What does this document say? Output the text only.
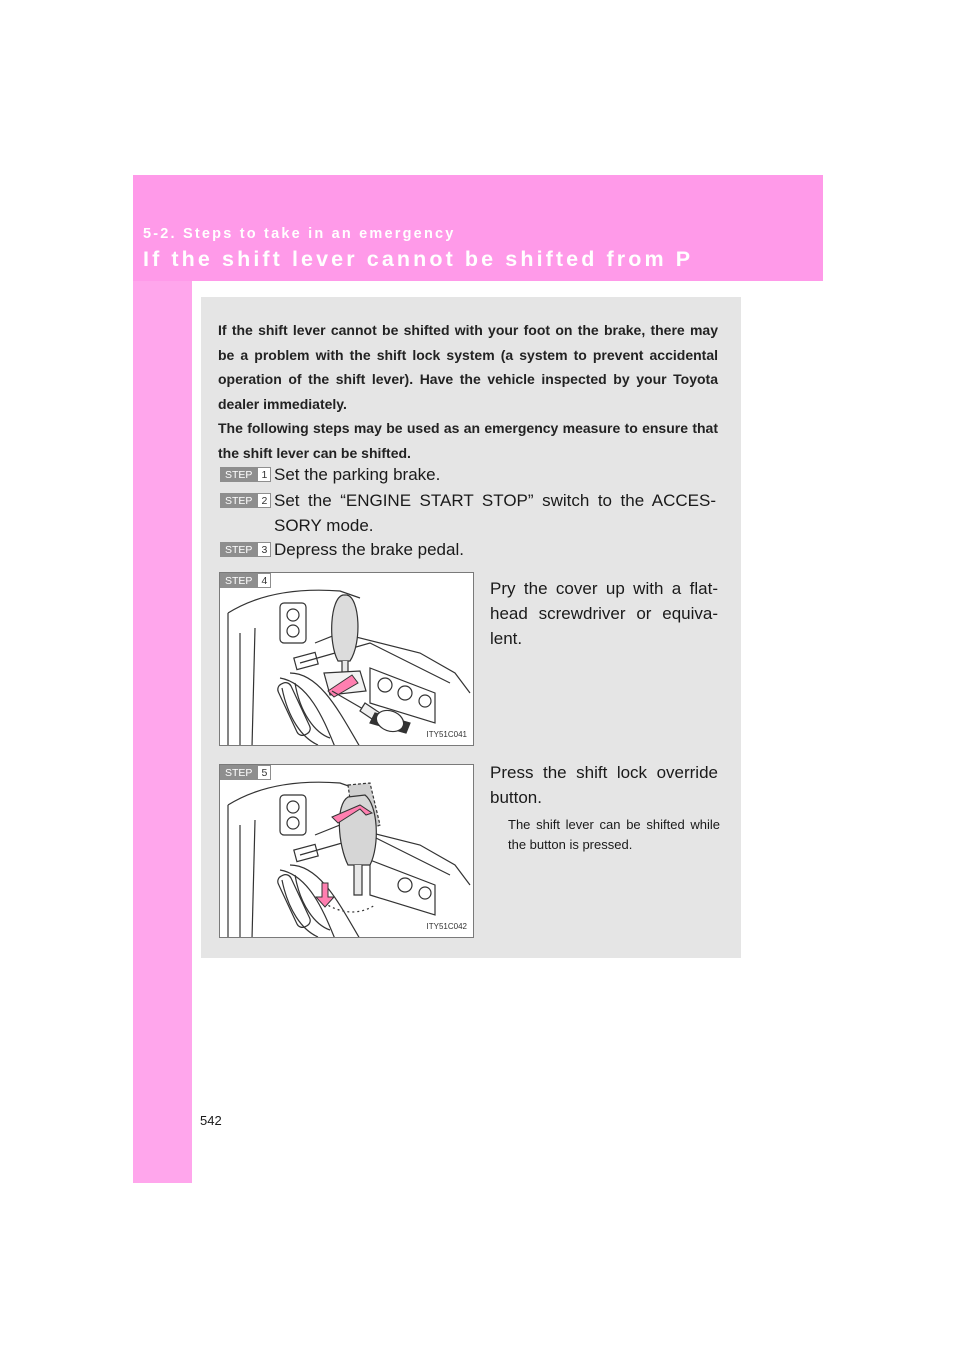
5-2. Steps to take in an emergency
If the shift lever cannot be shifted from P

If the shift lever cannot be shifted with your foot on the brake, there may be a problem with the shift lock system (a system to prevent accidental operation of the shift lever). Have the vehicle inspected by your Toyota dealer immediately.

The following steps may be used as an emergency measure to ensure that the shift lever can be shifted.

STEP 1 Set the parking brake.
STEP 2 Set the “ENGINE START STOP” switch to the ACCES-SORY mode.
STEP 3 Depress the brake pedal.
STEP 4
ITY51C041
Pry the cover up with a flat-head screwdriver or equiva-lent.
STEP 5
ITY51C042
Press the shift lock override button.
The shift lever can be shifted while the button is pressed.
542
